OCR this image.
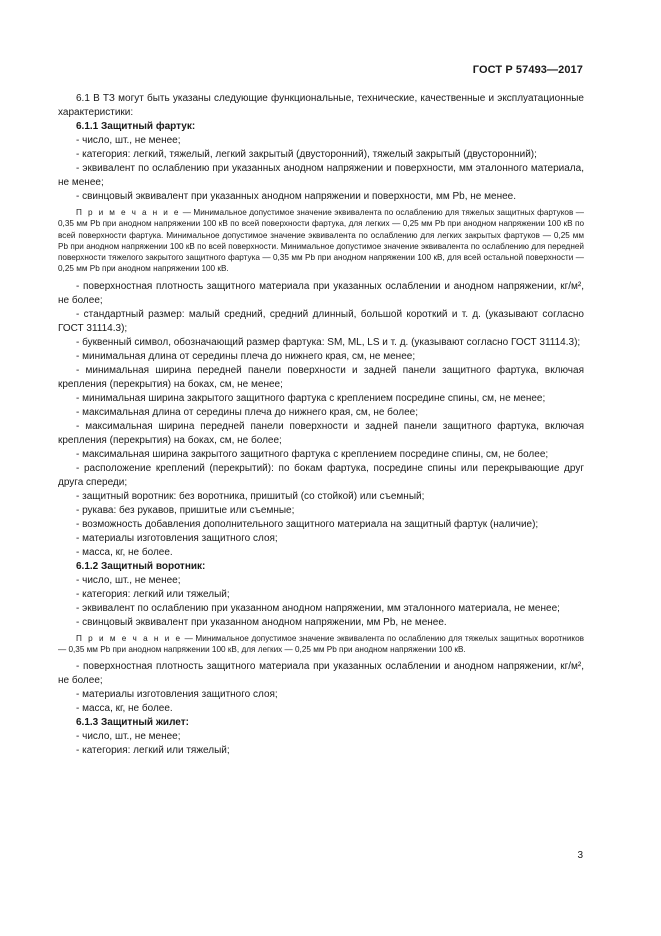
ГОСТ Р 57493—2017

6.1 В ТЗ могут быть указаны следующие функциональные, технические, качественные и эксплуатационные характеристики:

6.1.1 Защитный фартук:

- число, шт., не менее;

- категория: легкий, тяжелый, легкий закрытый (двусторонний), тяжелый закрытый (двусторонний);

- эквивалент по ослаблению при указанных анодном напряжении и поверхности, мм эталонного материала, не менее;

- свинцовый эквивалент при указанных анодном напряжении и поверхности, мм Pb, не менее.

П р и м е ч а н и е — Минимальное допустимое значение эквивалента по ослаблению для тяжелых защитных фартуков — 0,35 мм Pb при анодном напряжении 100 кВ по всей поверхности фартука, для легких — 0,25 мм Pb при анодном напряжении 100 кВ по всей поверхности фартука. Минимальное допустимое значение эквивалента по ослаблению для легких закрытых фартуков — 0,25 мм Pb при анодном напряжении 100 кВ по всей поверхности. Минимальное допустимое значение эквивалента по ослаблению для передней поверхности тяжелого закрытого защитного фартука — 0,35 мм Pb при анодном напряжении 100 кВ, для всей остальной поверхности — 0,25 мм Pb при анодном напряжении 100 кВ.

- поверхностная плотность защитного материала при указанных ослаблении и анодном напряжении, кг/м², не более;

- стандартный размер: малый средний, средний длинный, большой короткий и т. д. (указывают согласно ГОСТ 31114.3);

- буквенный символ, обозначающий размер фартука: SM, ML, LS и т. д. (указывают согласно ГОСТ 31114.3);

- минимальная длина от середины плеча до нижнего края, см, не менее;

- минимальная ширина передней панели поверхности и задней панели защитного фартука, включая крепления (перекрытия) на боках, см, не менее;

- минимальная ширина закрытого защитного фартука с креплением посредине спины, см, не менее;

- максимальная длина от середины плеча до нижнего края, см, не более;

- максимальная ширина передней панели поверхности и задней панели защитного фартука, включая крепления (перекрытия) на боках, см, не более;

- максимальная ширина закрытого защитного фартука с креплением посредине спины, см, не более;

- расположение креплений (перекрытий): по бокам фартука, посредине спины или перекрывающие друг друга спереди;

- защитный воротник: без воротника, пришитый (со стойкой) или съемный;

- рукава: без рукавов, пришитые или съемные;

- возможность добавления дополнительного защитного материала на защитный фартук (наличие);

- материалы изготовления защитного слоя;

- масса, кг, не более.

6.1.2 Защитный воротник:

- число, шт., не менее;

- категория: легкий или тяжелый;

- эквивалент по ослаблению при указанном анодном напряжении, мм эталонного материала, не менее;

- свинцовый эквивалент при указанном анодном напряжении, мм Pb, не менее.

П р и м е ч а н и е — Минимальное допустимое значение эквивалента по ослаблению для тяжелых защитных воротников — 0,35 мм Pb при анодном напряжении 100 кВ, для легких — 0,25 мм Pb при анодном напряжении 100 кВ.

- поверхностная плотность защитного материала при указанных ослаблении и анодном напряжении, кг/м², не более;

- материалы изготовления защитного слоя;

- масса, кг, не более.

6.1.3 Защитный жилет:

- число, шт., не менее;

- категория: легкий или тяжелый;

3
